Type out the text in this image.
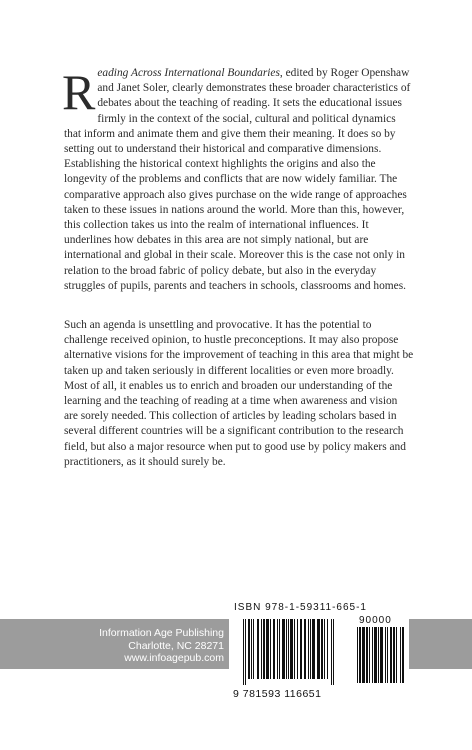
Reading Across International Boundaries, edited by Roger Openshaw and Janet Soler, clearly demonstrates these broader characteristics of debates about the teaching of reading. It sets the educational issues firmly in the context of the social, cultural and political dynamics that inform and animate them and give them their meaning. It does so by setting out to understand their historical and comparative dimensions. Establishing the historical context highlights the origins and also the longevity of the problems and conflicts that are now widely familiar. The comparative approach also gives purchase on the wide range of approaches taken to these issues in nations around the world. More than this, however, this collection takes us into the realm of international influences. It underlines how debates in this area are not simply national, but are international and global in their scale. Moreover this is the case not only in relation to the broad fabric of policy debate, but also in the everyday struggles of pupils, parents and teachers in schools, classrooms and homes.
Such an agenda is unsettling and provocative. It has the potential to challenge received opinion, to hustle preconceptions. It may also propose alternative visions for the improvement of teaching in this area that might be taken up and taken seriously in different localities or even more broadly. Most of all, it enables us to enrich and broaden our understanding of the learning and the teaching of reading at a time when awareness and vision are sorely needed. This collection of articles by leading scholars based in several different countries will be a significant contribution to the research field, but also a major resource when put to good use by policy makers and practitioners, as it should surely be.
Information Age Publishing
Charlotte, NC 28271
www.infoagepub.com
ISBN 978-1-59311-665-1
90000
9 781593 116651
